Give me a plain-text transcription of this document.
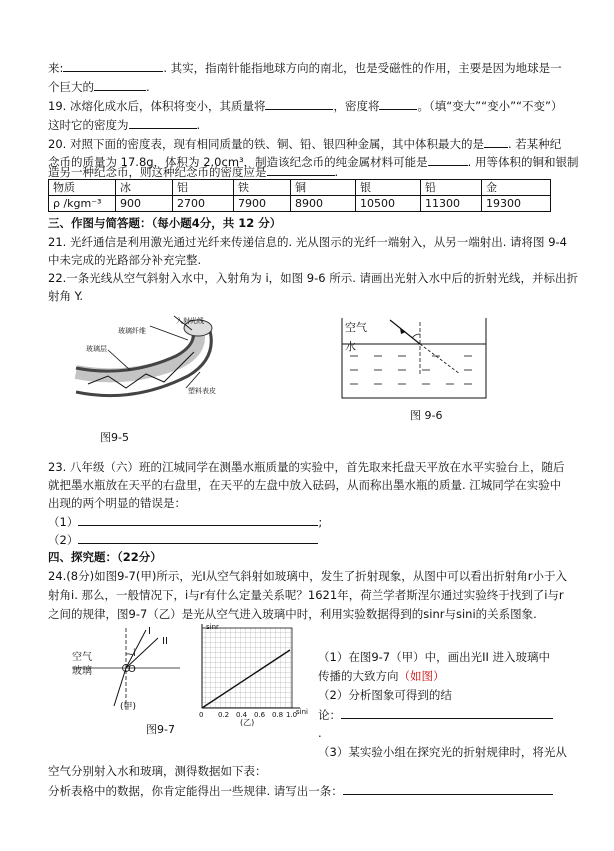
来:	. 其实，指南针能指地球方向的南北，也是受磁性的作用，主要是因为地球是一
个巨大的	.
19. 冰熔化成水后，体积将变小，其质量将	，密度将	。（填“变大”“变小”“不变”）
这时它的密度为	.
20. 对照下面的密度表，现有相同质量的铁、铜、铅、银四种金属，其中体积最大的是 . 若某种纪
念币的质量为 17.8g，体积为 2.0cm³，制造该纪念币的纯金属材料可能是	. 用等体积的铜和银制
物质	冰	铝	铁	铜	银	铅	金
ρ /kgm⁻³	900	2700	7900	8900	10500	11300	19300
三、作图与简答题：（每小题4分，共 12 分）
21. 光纤通信是利用激光通过光纤来传递信息的. 光从图示的光纤一端射入，从另一端射出. 请将图 9-4
中未完成的光路部分补充完整.
22.一条光线从空气斜射入水中，入射角为 i，如图 9-6 所示. 请画出光射入水中后的折射光线，并标出折
射角 Y.
入射光线
玻璃纤维
玻璃层
塑料表皮
图9-5
空气
水
图 9-6
23. 八年级（六）班的江城同学在测墨水瓶质量的实验中，首先取来托盘天平放在水平实验台上，随后
就把墨水瓶放在天平的右盘里，在天平的左盘中放入砝码，从而称出墨水瓶的质量. 江城同学在实验中
出现的两个明显的错误是：
（1）	;
（2）
四、探究题：（22分）
24.(8分)如图9-7(甲)所示，光I从空气斜射如玻璃中，发生了折射现象，从图中可以看出折射角r小于入
射角i. 那么，一般情况下，i与r有什么定量关系呢？1621年，荷兰学者斯涅尔通过实验终于找到了i与r
之间的规律，图9-7（乙）是光从空气进入玻璃中时，利用实验数据得到的sinr与sini的关系图象.
空气
玻璃
I
II
i
O
(甲)
sinr
sini
0 0.2 0.4 0.6 0.8 1.0
(乙)
图9-7
（1）在图9-7（甲）中，画出光II 进入玻璃中
传播的大致方向（如图）
（2）分析图象可得到的结
论：
.
（3）某实验小组在探究光的折射规律时，将光从
空气分别射入水和玻璃，测得数据如下表：
分析表格中的数据，你肯定能得出一些规律. 请写出一条：
造另一种纪念币，则这种纪念币的密度应是	.
